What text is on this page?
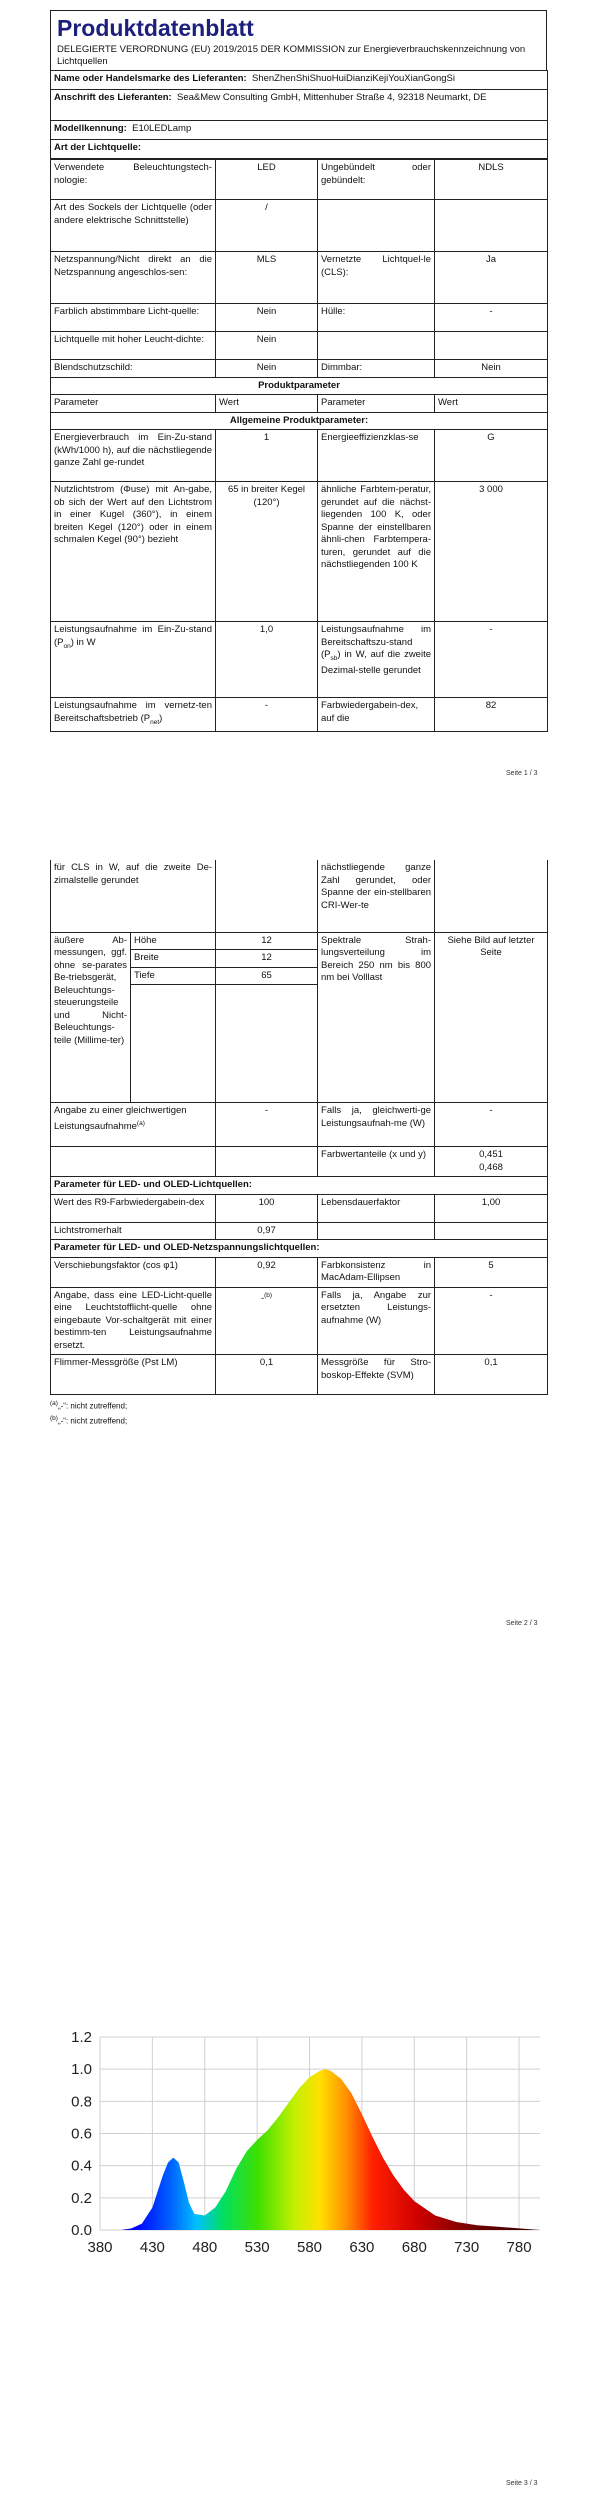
Produktdatenblatt
DELEGIERTE VERORDNUNG (EU) 2019/2015 DER KOMMISSION zur Energieverbrauchskennzeichnung von Lichtquellen
Name oder Handelsmarke des Lieferanten: ShenZhenShiShuoHuiDianziKejiYouXianGongSi
Anschrift des Lieferanten: Sea&Mew Consulting GmbH, Mittenhuber Straße 4, 92318 Neumarkt, DE
Modellkennung: E10LEDLamp
Art der Lichtquelle:
Verwendete Beleuchtungstech-nologie:	LED	Ungebündelt oder gebündelt:	NDLS
Art des Sockels der Lichtquelle (oder andere elektrische Schnittstelle)	/		
Netzspannung/Nicht direkt an die Netzspannung angeschlos-sen:	MLS	Vernetzte Lichtquel-le (CLS):	Ja
Farblich abstimmbare Licht-quelle:	Nein	Hülle:	-
Lichtquelle mit hoher Leucht-dichte:	Nein		
Blendschutzschild:	Nein	Dimmbar:	Nein
Produktparameter			
Parameter	Wert	Parameter	Wert
Allgemeine Produktparameter:			
Energieverbrauch im Ein-Zu-stand (kWh/1000 h), auf die nächstliegende ganze Zahl ge-rundet	1	Energieeffizienzklas-se	G
Nutzlichtstrom (Φuse) mit An-gabe, ob sich der Wert auf den Lichtstrom in einer Kugel (360°), in einem breiten Kegel (120°) oder in einem schmalen Kegel (90°) bezieht	65 in breiter Kegel (120°)	ähnliche Farbtem-peratur, gerundet auf die nächst-liegenden 100 K, oder Spanne der einstellbaren ähnli-chen Farbtempera-turen, gerundet auf die nächstliegenden 100 K	3 000
Leistungsaufnahme im Ein-Zu-stand $(P_{on})$ in W	1,0	Leistungsaufnahme im Bereitschaftszu-stand $(P_{sb})$ in W, auf die zweite Dezimal-stelle gerundet	-
Leistungsaufnahme im vernetz-ten Bereitschaftsbetrieb $(P_{net})$	-	Farbwiedergabein-dex, auf die	82
Seite 1 / 3
für CLS in W, auf die zweite De-zimalstelle gerundet			nächstliegende ganze Zahl gerundet, oder Spanne der ein-stellbaren CRI-Wer-te	
äußere Ab-messungen, ggf. ohne se-parates Be-triebsgerät, Beleuchtungs-steuerungsteile und Nicht-Beleuchtungs-teile (Millime-ter)	Höhe	12	Spektrale Strah-lungsverteilung im Bereich 250 nm bis 800 nm bei Volllast	Siehe Bild auf letzter Seite
	Breite	12		
	Tiefe	65		

Angabe zu einer gleichwertigen Leistungsaufnahme$^{(a)}$		-	Falls ja, gleichwerti-ge Leistungsaufnah-me (W)	-
			Farbwertanteile (x und y)	0,451
0,468

Parameter für LED- und OLED-Lichtquellen:				
Wert des R9-Farbwiedergabein-dex		100	Lebensdauerfaktor	1,00
Lichtstromerhalt		0,97		
Parameter für LED- und OLED-Netzspannungslichtquellen:				
Verschiebungsfaktor (cos φ1)		0,92	Farbkonsistenz in MacAdam-Ellipsen	5
Angabe, dass eine LED-Licht-quelle eine Leuchtstofflicht-quelle ohne eingebaute Vor-schaltgerät mit einer bestimm-ten Leistungsaufnahme ersetzt.		-$^{(b)}$	Falls ja, Angabe zur ersetzten Leistungs-aufnahme (W)	-
Flimmer-Messgröße (Pst LM)		0,1	Messgröße für Stro-boskop-Effekte (SVM)	0,1
$^{(a)}$„-“: nicht zutreffend;
$^{(b)}$„-“: nicht zutreffend;
Seite 2 / 3
0.0
0.2
0.4
0.6
0.8
1.0
1.2
380 430 480 530 580 630 680 730 780
Seite 3 / 3
